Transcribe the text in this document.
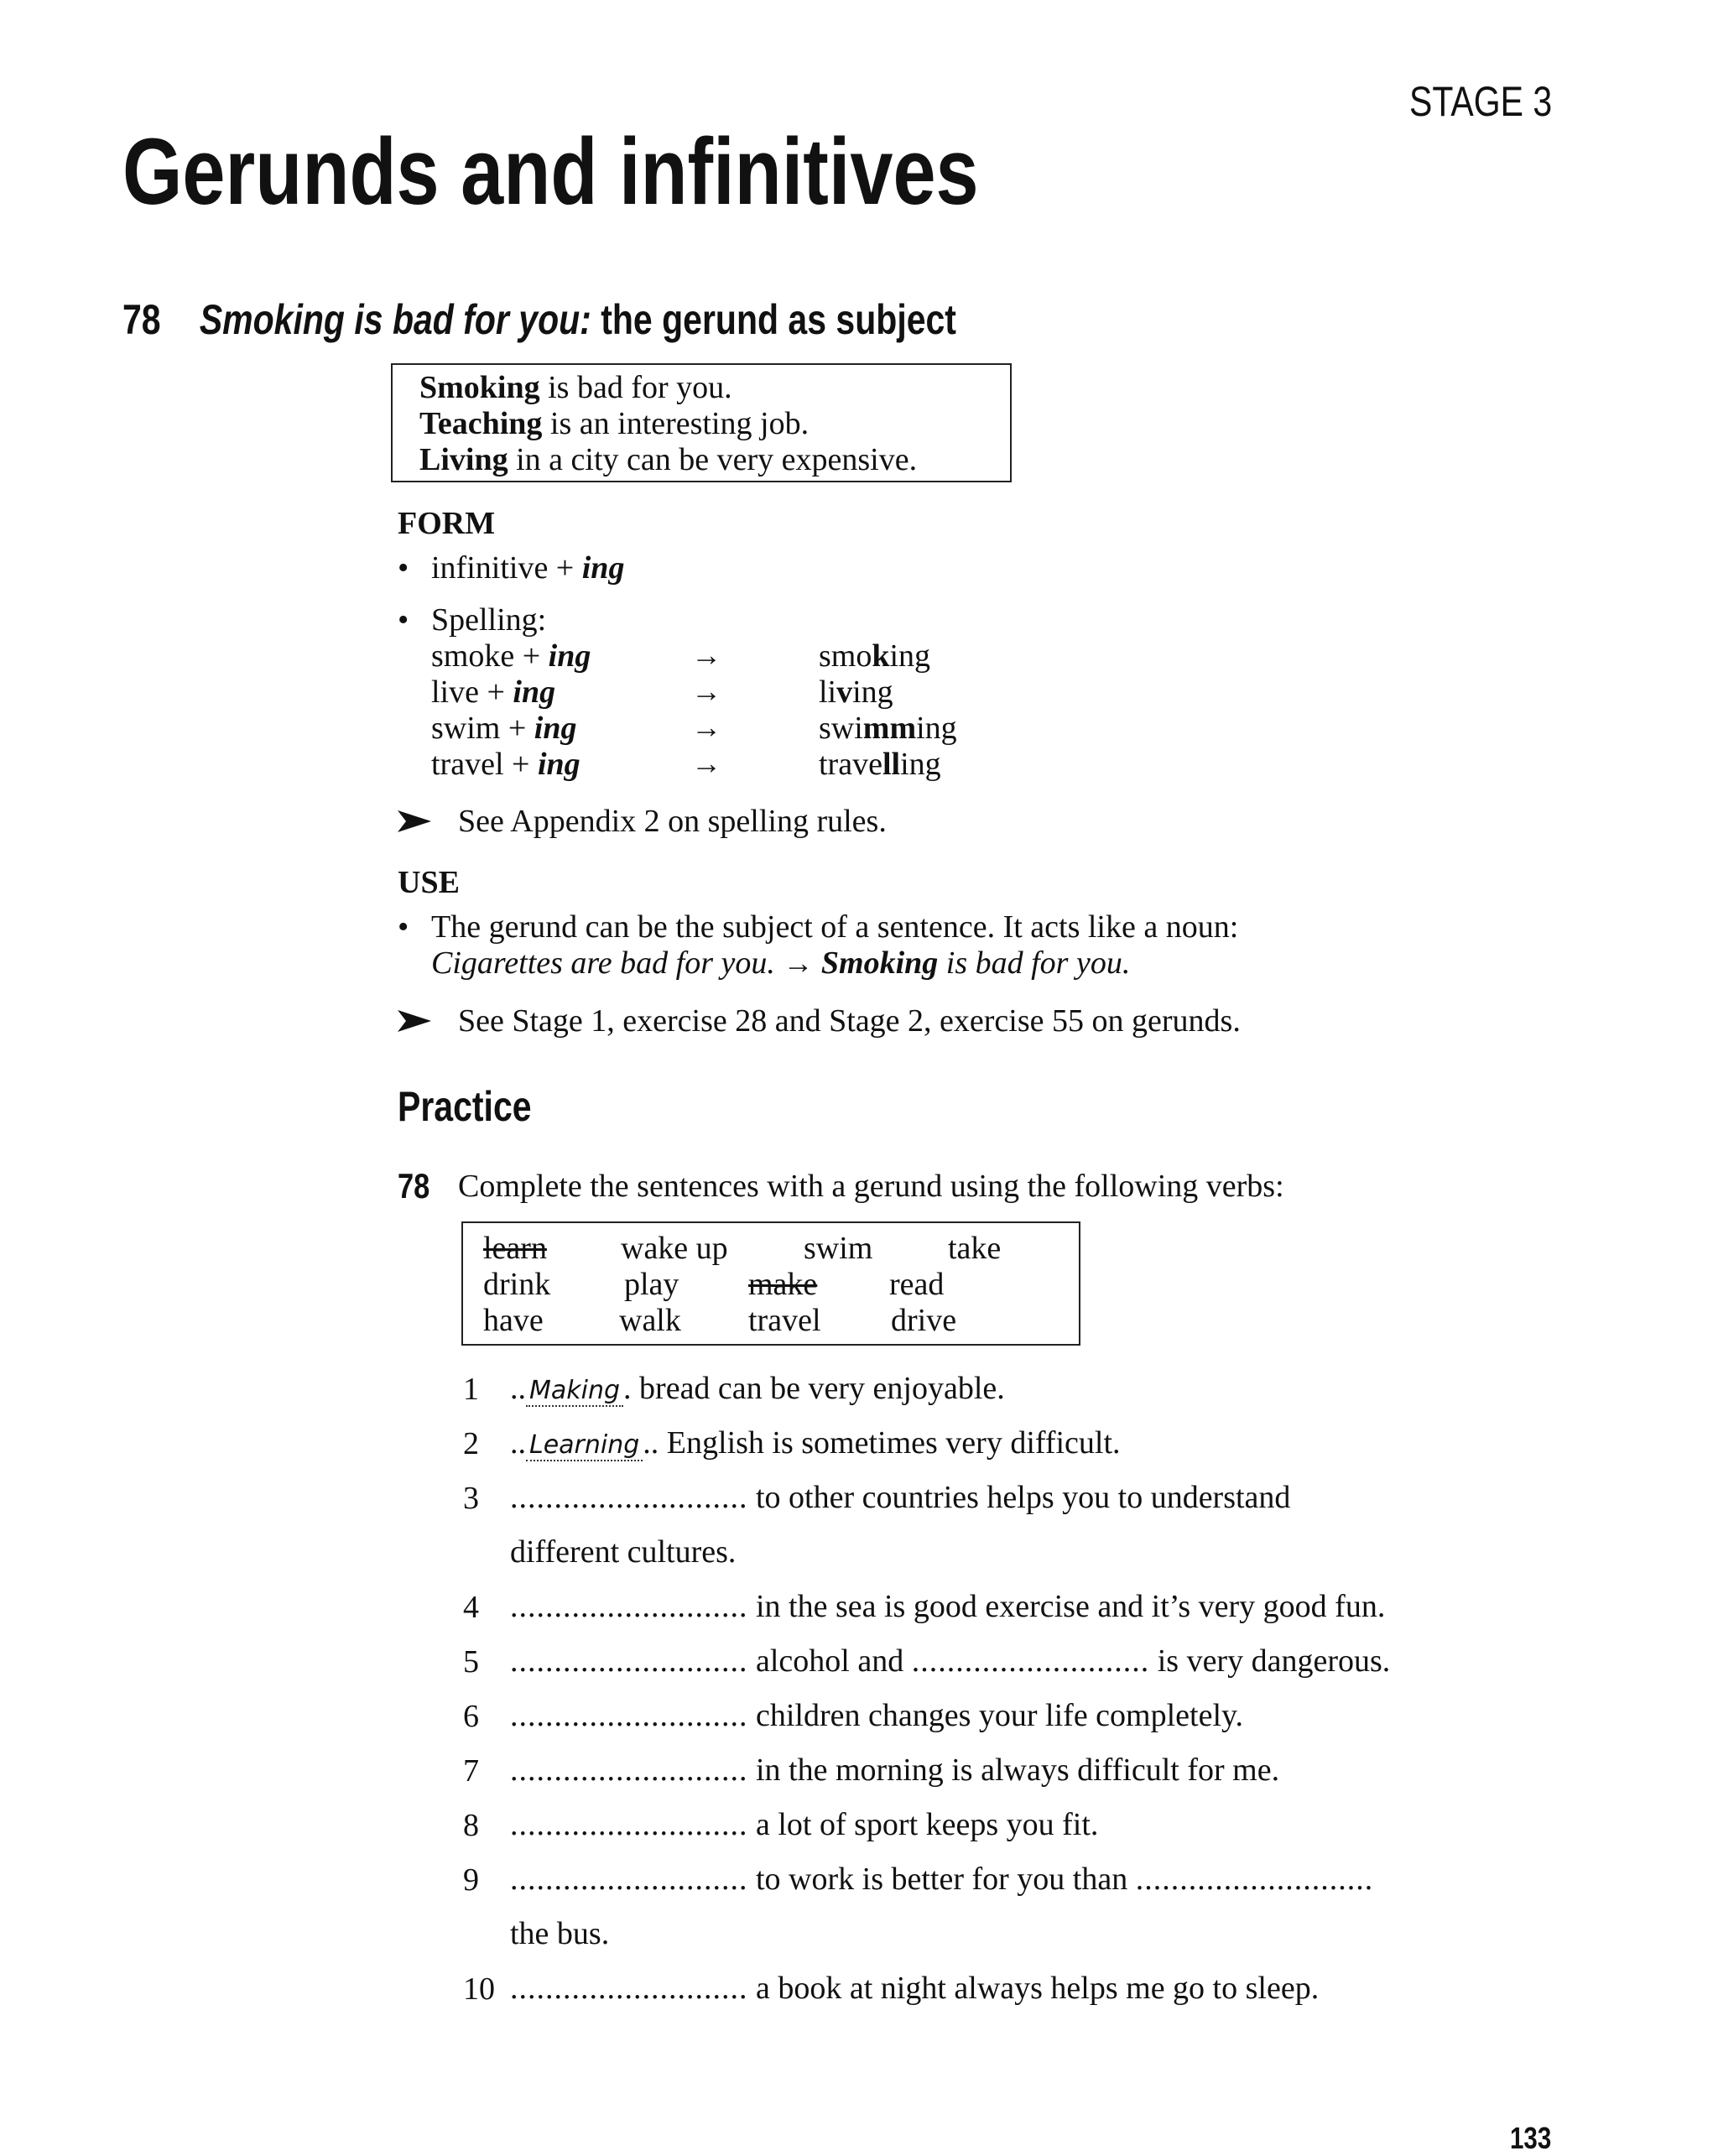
STAGE 3
Gerunds and infinitives
78 Smoking is bad for you: the gerund as subject
Smoking is bad for you.
Teaching is an interesting job.
Living in a city can be very expensive.
FORM
• infinitive + ing
• Spelling:
smoke + ing	→	smoking
live + ing	→	living
swim + ing	→	swimming
travel + ing	→	travelling
See Appendix 2 on spelling rules.
USE
• The gerund can be the subject of a sentence. It acts like a noun:
Cigarettes are bad for you. → Smoking is bad for you.
See Stage 1, exercise 28 and Stage 2, exercise 55 on gerunds.
Practice
78 Complete the sentences with a gerund using the following verbs:
learn wake up swim take
drink play make read
have walk travel drive
1 .. Making . bread can be very enjoyable.
2 .. Learning .. English is sometimes very difficult.
3 ........................... to other countries helps you to understand
different cultures.
4 ........................... in the sea is good exercise and it’s very good fun.
5 ........................... alcohol and ........................... is very dangerous.
6 ........................... children changes your life completely.
7 ........................... in the morning is always difficult for me.
8 ........................... a lot of sport keeps you fit.
9 ........................... to work is better for you than ...........................
the bus.
10 ........................... a book at night always helps me go to sleep.
133
